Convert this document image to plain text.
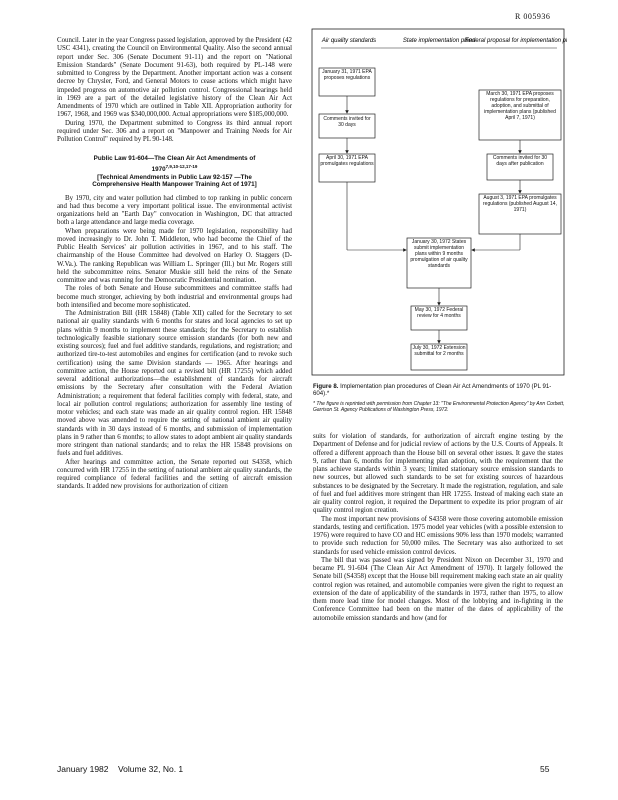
R 005936

Council. Later in the year Congress passed legislation, approved by the President (42 USC 4341), creating the Council on Environmental Quality. Also the second annual report under Sec. 306 (Senate Document 91-11) and the report on "National Emission Standards" (Senate Document 91-63), both required by PL-148 were submitted to Congress by the Department. Another important action was a consent decree by Chrysler, Ford, and General Motors to cease actions which might have impeded progress on automotive air pollution control. Congressional hearings held in 1969 are a part of the detailed legislative history of the Clean Air Act Amendments of 1970 which are outlined in Table XII. Appropriation authority for 1967, 1968, and 1969 was $340,000,000. Actual appropriations were $185,000,000.

During 1970, the Department submitted to Congress its third annual report required under Sec. 306 and a report on "Manpower and Training Needs for Air Pollution Control" required by PL 90-148.

Public Law 91-604—The Clean Air Act Amendments of
1970$^{7,9,10-12,17-19}$
[Technical Amendments in Public Law 92-157 —The
Comprehensive Health Manpower Training Act of 1971]

By 1970, city and water pollution had climbed to top ranking in public concern and had thus become a very important political issue. The environmental activist organizations held an "Earth Day" convocation in Washington, DC that attracted both a large attendance and large media coverage.

When preparations were being made for 1970 legislation, responsibility had moved increasingly to Dr. John T. Middleton, who had become the Chief of the Public Health Services' air pollution activities in 1967, and to his staff. The chairmanship of the House Committee had devolved on Harley O. Staggers (D-W.Va.). The ranking Republican was William L. Springer (Ill.) but Mr. Rogers still held the subcommittee reins. Senator Muskie still held the reins of the Senate committee and was running for the Democratic Presidential nomination.

The roles of both Senate and House subcommittees and committee staffs had become much stronger, achieving by both industrial and environmental groups had both intensified and become more sophisticated.

The Administration Bill (HR 15848) (Table XII) called for the Secretary to set national air quality standards with 6 months for states and local agencies to set up plans within 9 months to implement these standards; for the Secretary to establish technologically feasible stationary source emission standards (for both new and existing sources); fuel and fuel additive standards, regulations, and registration; and authorized tire-to-test automobiles and engines for certification (and to revoke such certification) using the same Division standards — 1965. After hearings and committee action, the House reported out a revised bill (HR 17255) which added several additional authorizations—the establishment of standards for aircraft emissions by the Secretary after consultation with the Federal Aviation Administration; a requirement that federal facilities comply with federal, state, and local air pollution control regulations; authorization for assembly line testing of motor vehicles; and each state was made an air quality control region. HR 15848 moved above was amended to require the setting of national ambient air quality standards with in 30 days instead of 6 months, and submission of implementation plans in 9 rather than 6 months; to allow states to adopt ambient air quality standards more stringent than national standards; and to relax the HR 15848 provisions on fuels and fuel additives.

After hearings and committee action, the Senate reported out S4358, which concurred with HR 17255 in the setting of national ambient air quality standards, the required compliance of federal facilities and the setting of aircraft emission standards. It added new provisions for authorization of citizen

Air quality standards	State implementation plans
Federal proposal for implementation plans
January 31, 1971 EPA proposes regulations
Comments invited for 30 days
April 30, 1971 EPA promulgates regulations
March 30, 1971 EPA proposes regulations for preparation, adoption, and submittal of implementation plans (published April 7, 1971)
Comments invited for 30 days after publication
August 3, 1971 EPA promulgates regulations (published August 14, 1971)
January 30, 1972 States submit implementation plans within 9 months promulgation of air quality standards
May 30, 1972 Federal review for 4 months
July 30, 1972 Extension submittal for 2 months
Figure 8. Implementation plan procedures of Clean Air Act Amendments of 1970 (PL 91-604).*
* The figure is reprinted with permission from Chapter 13: "The Environmental Protection Agency" by Ann Corbett, Garrison St. Agency Publications of Washington Press, 1972.

suits for violation of standards, for authorization of aircraft engine testing by the Department of Defense and for judicial review of actions by the U.S. Courts of Appeals. It offered a different approach than the House bill on several other issues. It gave the states 9, rather than 6, months for implementing plan adoption, with the requirement that the plans achieve standards within 3 years; limited stationary source emission standards to new sources, but allowed such standards to be set for existing sources of hazardous substances to be designated by the Secretary. It made the registration, regulation, and sale of fuel and fuel additives more stringent than HR 17255. Instead of making each state an air quality control region, it required the Department to expedite its prior program of air quality control region creation.

The most important new provisions of S4358 were those covering automobile emission standards, testing and certification. 1975 model year vehicles (with a possible extension to 1976) were required to have CO and HC emissions 90% less than 1970 models; warranted to provide such reduction for 50,000 miles. The Secretary was also authorized to set standards for used vehicle emission control devices.

The bill that was passed was signed by President Nixon on December 31, 1970 and became PL 91-604 (The Clean Air Act Amendment of 1970). It largely followed the Senate bill (S4358) except that the House bill requirement making each state an air quality control region was retained, and automobile companies were given the right to request an extension of the date of applicability of the standards in 1973, rather than 1975, to allow them more lead time for model changes. Most of the lobbying and in-fighting in the Conference Committee had been on the matter of the dates of applicability of the automobile emission standards and how (and for

January 1982    Volume 32, No. 1	55
